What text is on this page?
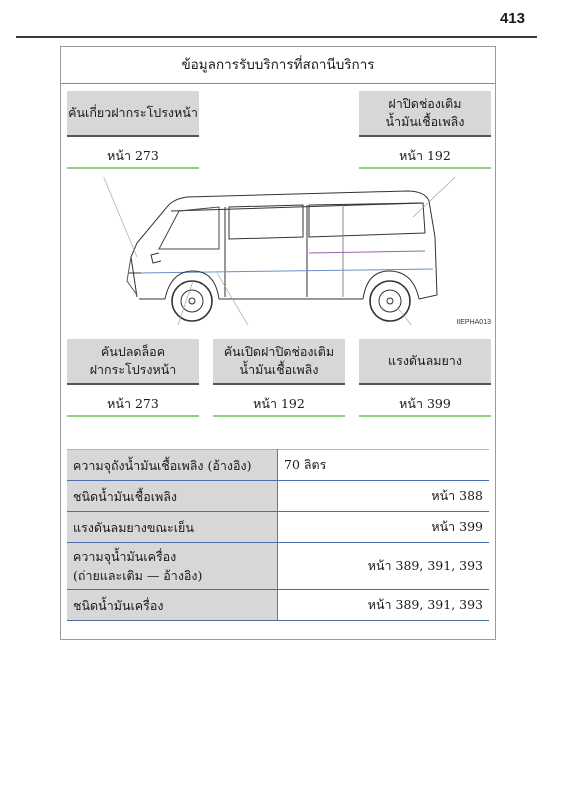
413
ข้อมูลการรับบริการที่สถานีบริการ
คันเกี่ยวฝากระโปรงหน้า
หน้า 273
ฝาปิดช่องเติม
น้ำมันเชื้อเพลิง
หน้า 192
IIEPHA013
คันปลดล็อค
ฝากระโปรงหน้า
หน้า 273
คันเปิดฝาปิดช่องเติม
น้ำมันเชื้อเพลิง
หน้า 192
แรงดันลมยาง
หน้า 399
ความจุถังน้ำมันเชื้อเพลิง (อ้างอิง)	70 ลิตร
ชนิดน้ำมันเชื้อเพลิง	หน้า 388
แรงดันลมยางขณะเย็น	หน้า 399
ความจุน้ำมันเครื่อง
(ถ่ายและเติม — อ้างอิง)	หน้า 389, 391, 393
ชนิดน้ำมันเครื่อง	หน้า 389, 391, 393
